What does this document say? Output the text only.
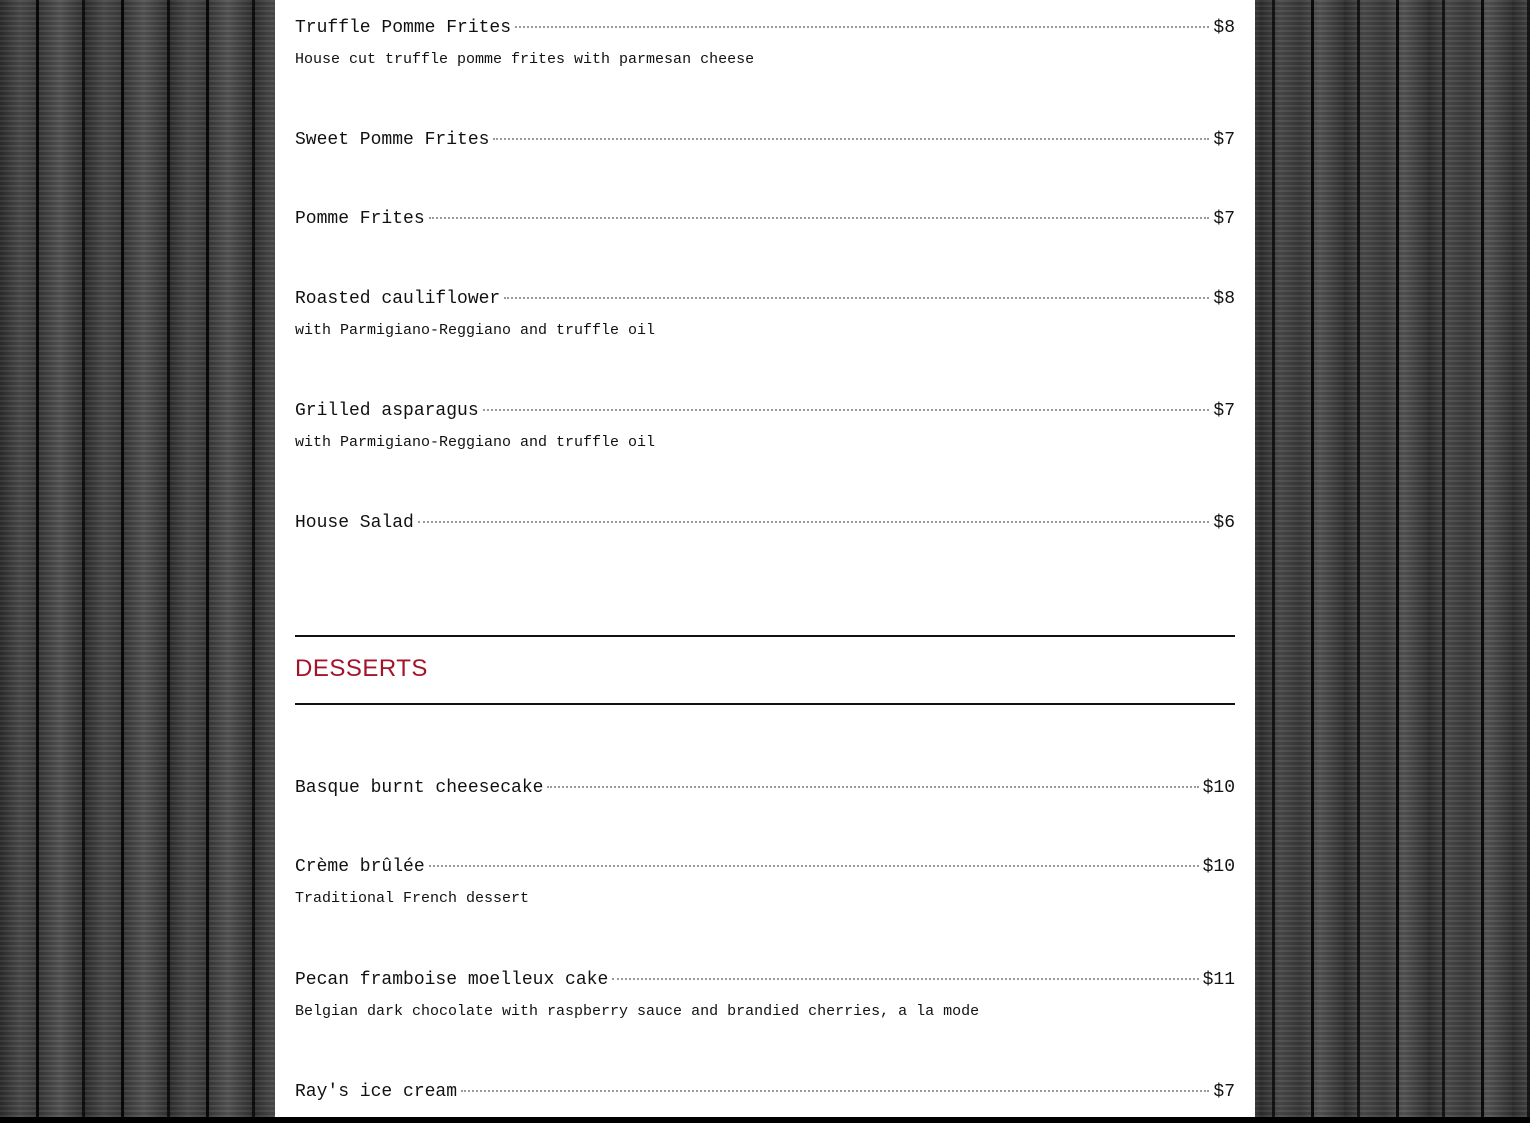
Truffle Pomme Frites	$8
House cut truffle pomme frites with parmesan cheese
Sweet Pomme Frites	$7
Pomme Frites	$7
Roasted cauliflower	$8
with Parmigiano-Reggiano and truffle oil
Grilled asparagus	$7
with Parmigiano-Reggiano and truffle oil
House Salad	$6
DESSERTS
Basque burnt cheesecake	$10
Crème brûlée	$10
Traditional French dessert
Pecan framboise moelleux cake	$11
Belgian dark chocolate with raspberry sauce and brandied cherries, a la mode
Ray's ice cream	$7
